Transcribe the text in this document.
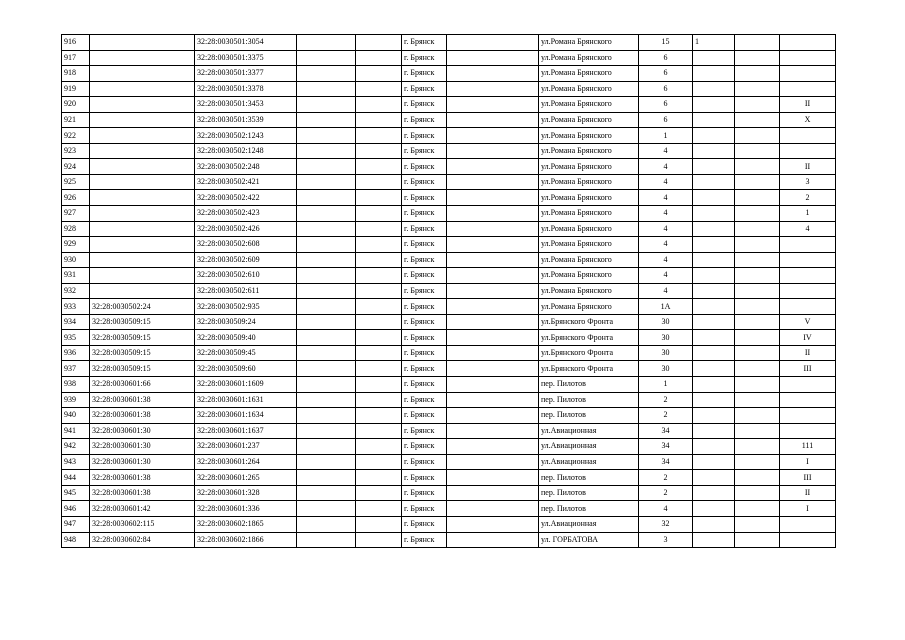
916		32:28:0030501:3054			г. Брянск		ул.Романа Брянского	15	1		
917		32:28:0030501:3375			г. Брянск		ул.Романа Брянского	6			
918		32:28:0030501:3377			г. Брянск		ул.Романа Брянского	6			
919		32:28:0030501:3378			г. Брянск		ул.Романа Брянского	6			
920		32:28:0030501:3453			г. Брянск		ул.Романа Брянского	6			II
921		32:28:0030501:3539			г. Брянск		ул.Романа Брянского	6			X
922		32:28:0030502:1243			г. Брянск		ул.Романа Брянского	1			
923		32:28:0030502:1248			г. Брянск		ул.Романа Брянского	4			
924		32:28:0030502:248			г. Брянск		ул.Романа Брянского	4			II
925		32:28:0030502:421			г. Брянск		ул.Романа Брянского	4			3
926		32:28:0030502:422			г. Брянск		ул.Романа Брянского	4			2
927		32:28:0030502:423			г. Брянск		ул.Романа Брянского	4			1
928		32:28:0030502:426			г. Брянск		ул.Романа Брянского	4			4
929		32:28:0030502:608			г. Брянск		ул.Романа Брянского	4			
930		32:28:0030502:609			г. Брянск		ул.Романа Брянского	4			
931		32:28:0030502:610			г. Брянск		ул.Романа Брянского	4			
932		32:28:0030502:611			г. Брянск		ул.Романа Брянского	4			
933	32:28:0030502:24	32:28:0030502:935			г. Брянск		ул.Романа Брянского	1А			
934	32:28:0030509:15	32:28:0030509:24			г. Брянск		ул.Брянского Фронта	30			V
935	32:28:0030509:15	32:28:0030509:40			г. Брянск		ул.Брянского Фронта	30			IV
936	32:28:0030509:15	32:28:0030509:45			г. Брянск		ул.Брянского Фронта	30			II
937	32:28:0030509:15	32:28:0030509:60			г. Брянск		ул.Брянского Фронта	30			III
938	32:28:0030601:66	32:28:0030601:1609			г. Брянск		пер. Пилотов	1			
939	32:28:0030601:38	32:28:0030601:1631			г. Брянск		пер. Пилотов	2			
940	32:28:0030601:38	32:28:0030601:1634			г. Брянск		пер. Пилотов	2			
941	32:28:0030601:30	32:28:0030601:1637			г. Брянск		ул.Авиационная	34			
942	32:28:0030601:30	32:28:0030601:237			г. Брянск		ул.Авиационная	34			111
943	32:28:0030601:30	32:28:0030601:264			г. Брянск		ул.Авиационная	34			I
944	32:28:0030601:38	32:28:0030601:265			г. Брянск		пер. Пилотов	2			III
945	32:28:0030601:38	32:28:0030601:328			г. Брянск		пер. Пилотов	2			II
946	32:28:0030601:42	32:28:0030601:336			г. Брянск		пер. Пилотов	4			I
947	32:28:0030602:115	32:28:0030602:1865			г. Брянск		ул.Авиационная	32			
948	32:28:0030602:84	32:28:0030602:1866			г. Брянск		ул. ГОРБАТОВА	3			
